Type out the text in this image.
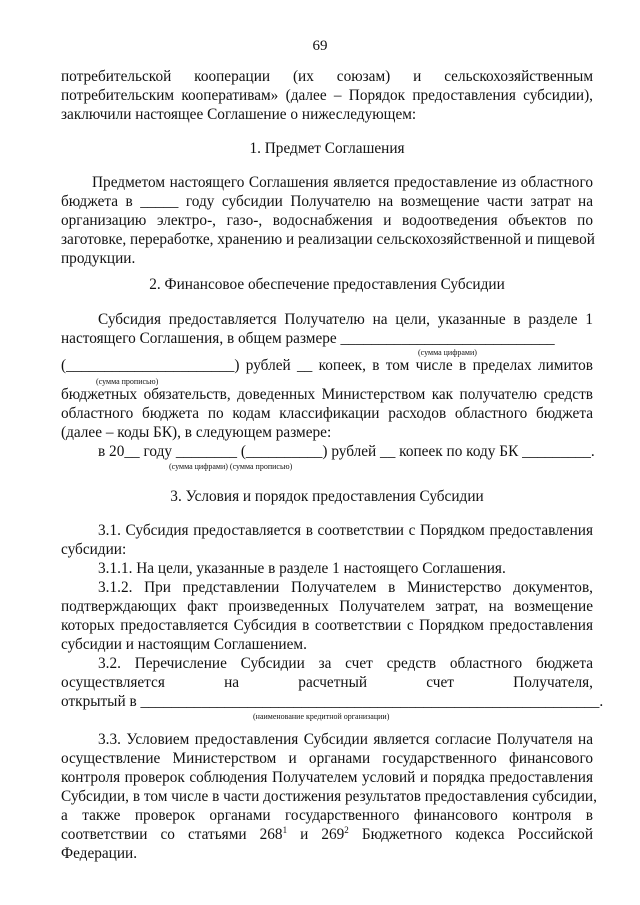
69
потребительской кооперации (их союзам) и сельскохозяйственным
потребительским кооперативам» (далее – Порядок предоставления субсидии),
заключили настоящее Соглашение о нижеследующем:
1. Предмет Соглашения
Предметом настоящего Соглашения является предоставление из областного
бюджета в _____ году субсидии Получателю на возмещение части затрат на
организацию электро-, газо-, водоснабжения и водоотведения объектов по
заготовке, переработке, хранению и реализации сельскохозяйственной и пищевой
продукции.
2. Финансовое обеспечение предоставления Субсидии
Субсидия предоставляется Получателю на цели, указанные в разделе 1
настоящего Соглашения, в общем размере ____________________________
(сумма цифрами)
(______________________) рублей __ копеек, в том числе в пределах лимитов
(сумма прописью)
бюджетных обязательств, доведенных Министерством как получателю средств
областного бюджета по кодам классификации расходов областного бюджета
(далее – коды БК), в следующем размере:
в 20__ году ________ (__________) рублей __ копеек по коду БК _________.
(сумма цифрами) (сумма прописью)
3. Условия и порядок предоставления Субсидии
3.1. Субсидия предоставляется в соответствии с Порядком предоставления
субсидии:
3.1.1. На цели, указанные в разделе 1 настоящего Соглашения.
3.1.2. При представлении Получателем в Министерство документов,
подтверждающих факт произведенных Получателем затрат, на возмещение
которых предоставляется Субсидия в соответствии с Порядком предоставления
субсидии и настоящим Соглашением.
3.2. Перечисление Субсидии за счет средств областного бюджета
осуществляется на расчетный счет Получателя,
открытый в ____________________________________________________________.
(наименование кредитной организации)
3.3. Условием предоставления Субсидии является согласие Получателя на
осуществление Министерством и органами государственного финансового
контроля проверок соблюдения Получателем условий и порядка предоставления
Субсидии, в том числе в части достижения результатов предоставления субсидии,
а также проверок органами государственного финансового контроля в
соответствии со статьями $268^1$ и $269^2$ Бюджетного кодекса Российской
Федерации.
